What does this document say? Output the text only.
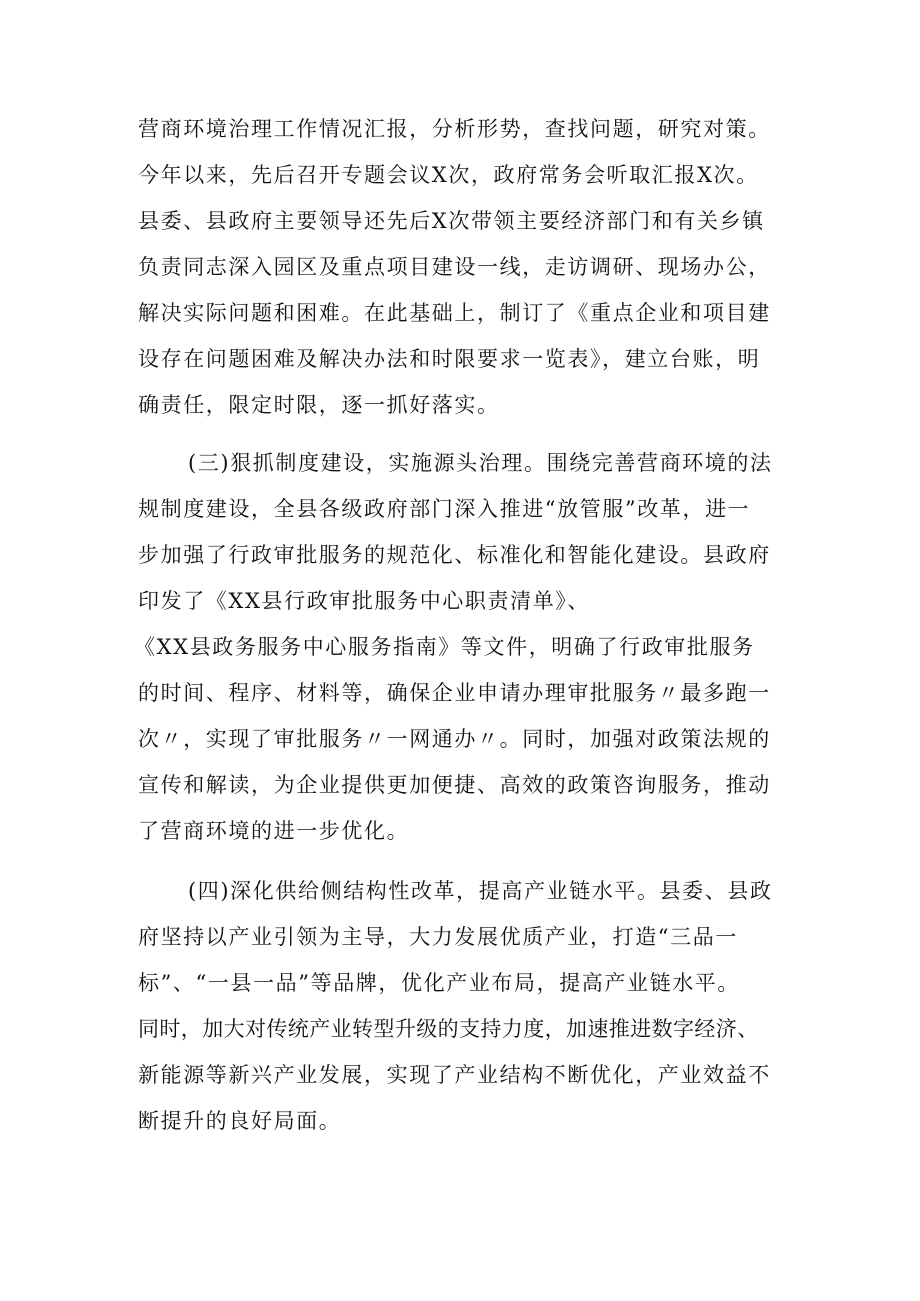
营商环境治理工作情况汇报，分析形势，查找问题，研究对策。
今年以来，先后召开专题会议X次，政府常务会听取汇报X次。
县委、县政府主要领导还先后X次带领主要经济部门和有关乡镇
负责同志深入园区及重点项目建设一线，走访调研、现场办公，
解决实际问题和困难。在此基础上，制订了《重点企业和项目建
设存在问题困难及解决办法和时限要求一览表》，建立台账，明
确责任，限定时限，逐一抓好落实。
(三)狠抓制度建设，实施源头治理。围绕完善营商环境的法
规制度建设，全县各级政府部门深入推进“放管服”改革，进一
步加强了行政审批服务的规范化、标准化和智能化建设。县政府
印发了《XX县行政审批服务中心职责清单》、
《XX县政务服务中心服务指南》等文件，明确了行政审批服务
的时间、程序、材料等，确保企业申请办理审批服务〃最多跑一
次〃，实现了审批服务〃一网通办〃。同时，加强对政策法规的
宣传和解读，为企业提供更加便捷、高效的政策咨询服务，推动
了营商环境的进一步优化。
(四)深化供给侧结构性改革，提高产业链水平。县委、县政
府坚持以产业引领为主导，大力发展优质产业，打造“三品一
标”、“一县一品”等品牌，优化产业布局，提高产业链水平。
同时，加大对传统产业转型升级的支持力度，加速推进数字经济、
新能源等新兴产业发展，实现了产业结构不断优化，产业效益不
断提升的良好局面。
